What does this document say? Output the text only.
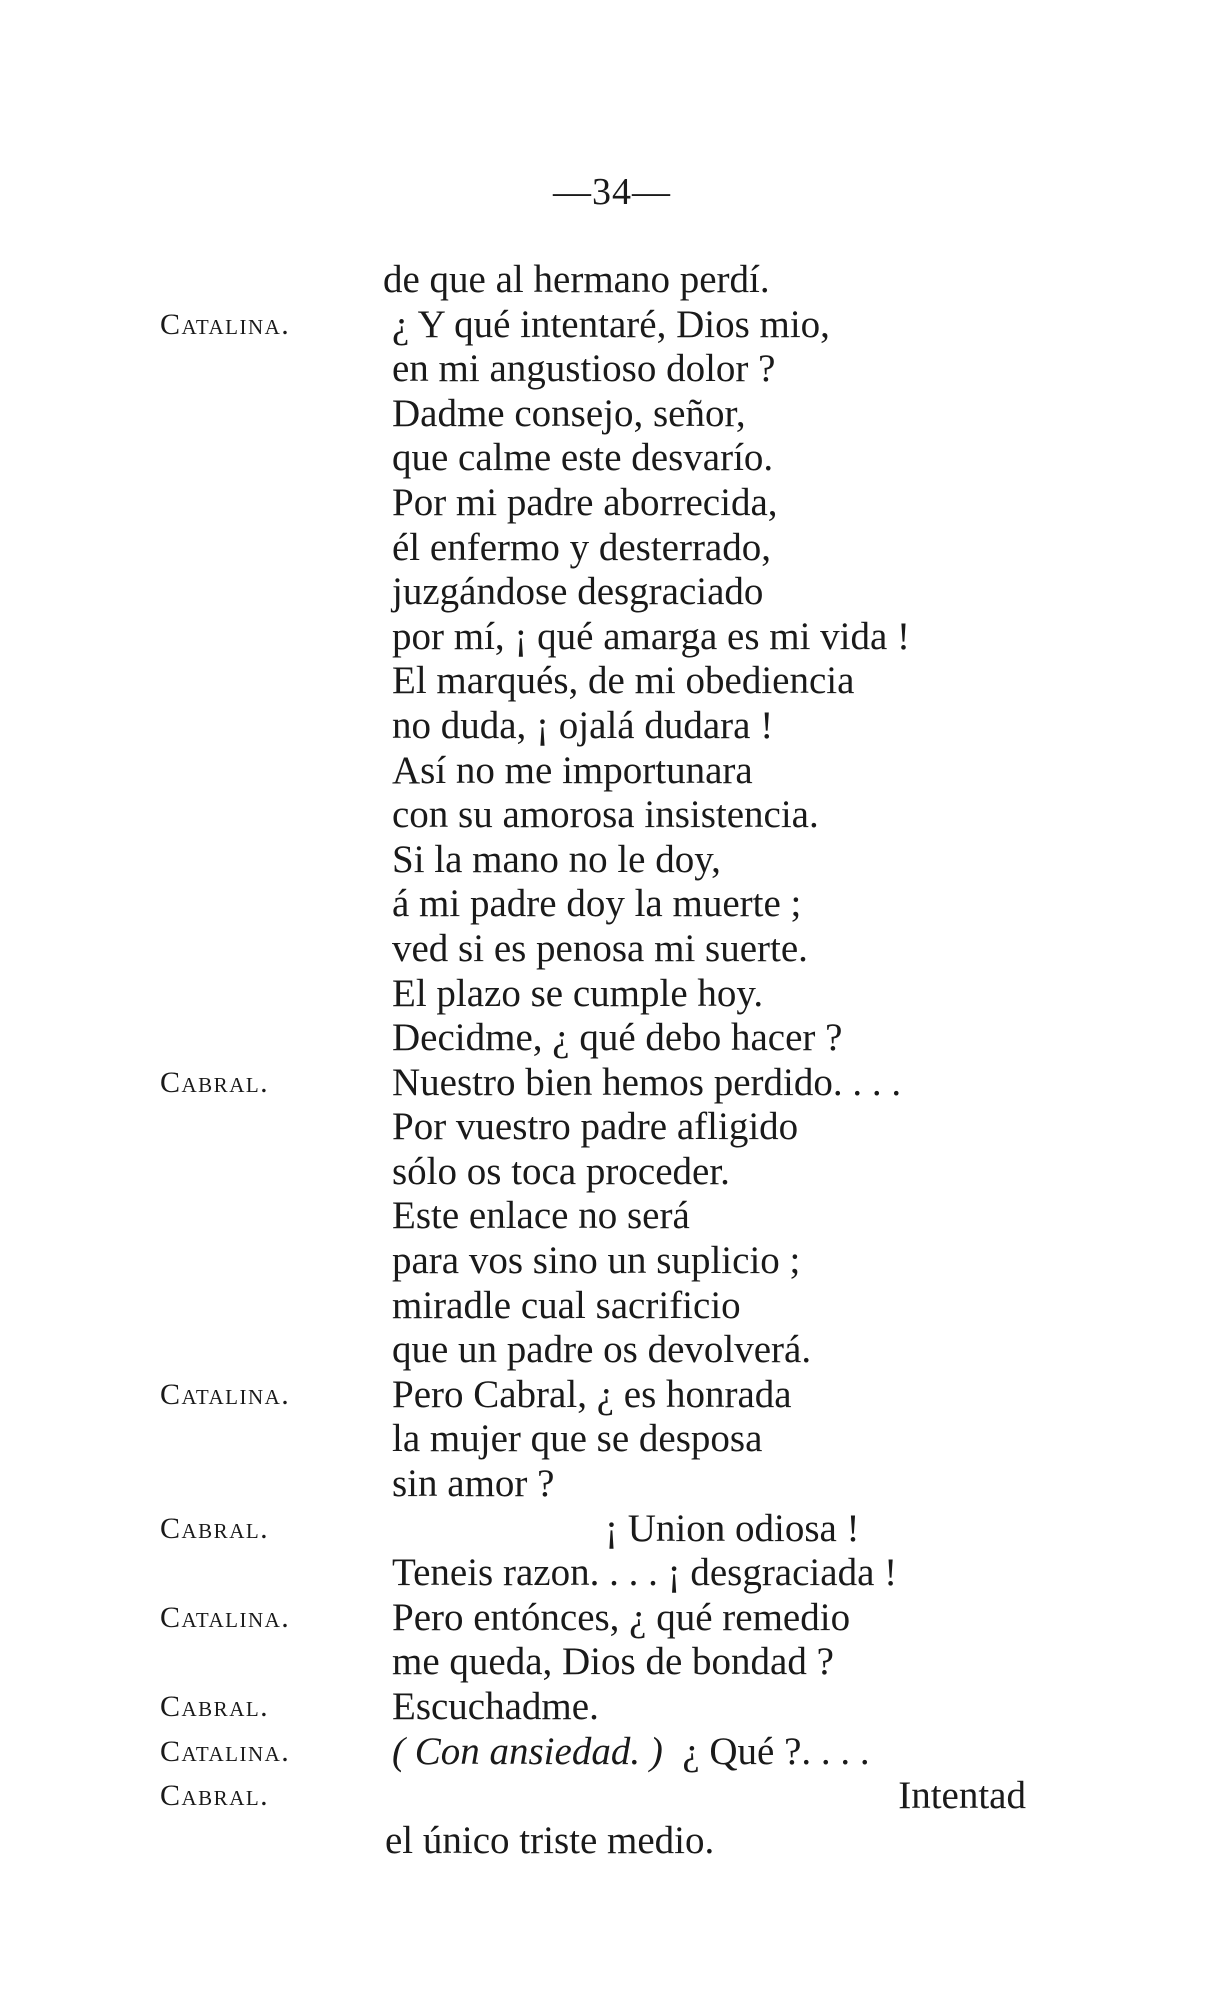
—34—
de que al hermano perdí.
Catalina.	¿ Y qué intentaré, Dios mio,
en mi angustioso dolor ?
Dadme consejo, señor,
que calme este desvarío.
Por mi padre aborrecida,
él enfermo y desterrado,
juzgándose desgraciado
por mí, ¡ qué amarga es mi vida !
El marqués, de mi obediencia
no duda, ¡ ojalá dudara !
Así no me importunara
con su amorosa insistencia.
Si la mano no le doy,
á mi padre doy la muerte ;
ved si es penosa mi suerte.
El plazo se cumple hoy.
Decidme, ¿ qué debo hacer ?
Cabral.	Nuestro bien hemos perdido. . . .
Por vuestro padre afligido
sólo os toca proceder.
Este enlace no será
para vos sino un suplicio ;
miradle cual sacrificio
que un padre os devolverá.
Catalina.	Pero Cabral, ¿ es honrada
la mujer que se desposa
sin amor ?
Cabral.	¡ Union odiosa !
Teneis razon. . . . ¡ desgraciada !
Catalina.	Pero entónces, ¿ qué remedio
me queda, Dios de bondad ?
Cabral.	Escuchadme.
Catalina.	( Con ansiedad. ) ¿ Qué ?. . . .
Cabral.	Intentad
el único triste medio.
